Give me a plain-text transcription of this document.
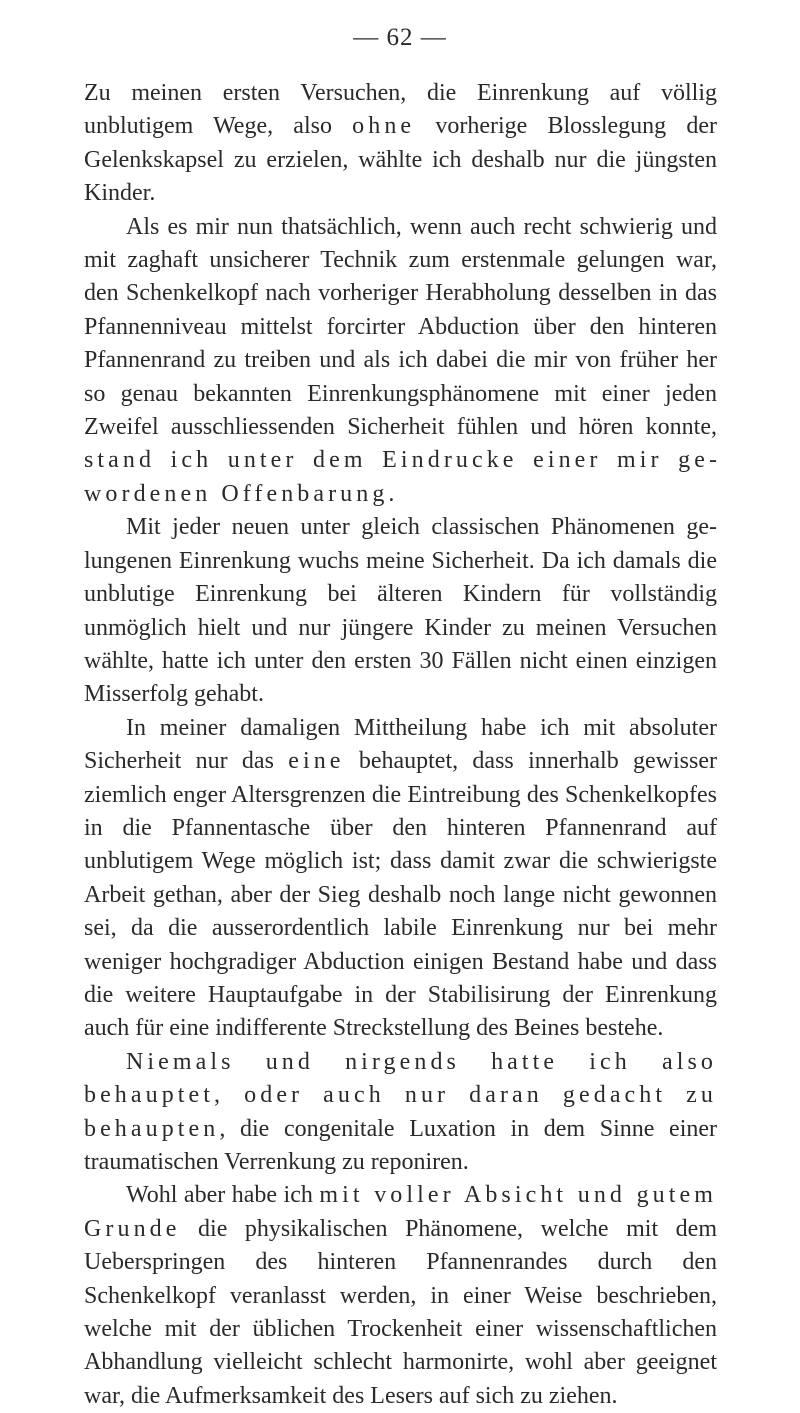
— 62 —

Zu meinen ersten Versuchen, die Einrenkung auf völlig unblutigem Wege, also ohne vorherige Blosslegung der Gelenkskapsel zu erzielen, wählte ich deshalb nur die jüngsten Kinder.

Als es mir nun thatsächlich, wenn auch recht schwierig und mit zaghaft unsicherer Technik zum erstenmale gelungen war, den Schenkelkopf nach vorheriger Herabholung desselben in das Pfannenniveau mittelst forcirter Abduction über den hinteren Pfannenrand zu treiben und als ich dabei die mir von früher her so genau bekannten Einrenkungsphänomene mit einer jeden Zweifel ausschliessenden Sicherheit fühlen und hören konnte, stand ich unter dem Eindrucke einer mir gewordenen Offenbarung.

Mit jeder neuen unter gleich classischen Phänomenen gelungenen Einrenkung wuchs meine Sicherheit. Da ich damals die unblutige Einrenkung bei älteren Kindern für vollständig unmöglich hielt und nur jüngere Kinder zu meinen Versuchen wählte, hatte ich unter den ersten 30 Fällen nicht einen einzigen Misserfolg gehabt.

In meiner damaligen Mittheilung habe ich mit absoluter Sicherheit nur das eine behauptet, dass innerhalb gewisser ziemlich enger Altersgrenzen die Eintreibung des Schenkelkopfes in die Pfannentasche über den hinteren Pfannenrand auf unblutigem Wege möglich ist; dass damit zwar die schwierigste Arbeit gethan, aber der Sieg deshalb noch lange nicht gewonnen sei, da die ausserordentlich labile Einrenkung nur bei mehr weniger hochgradiger Abduction einigen Bestand habe und dass die weitere Hauptaufgabe in der Stabilisirung der Einrenkung auch für eine indifferente Streckstellung des Beines bestehe.

Niemals und nirgends hatte ich also behauptet, oder auch nur daran gedacht zu behaupten, die congenitale Luxation in dem Sinne einer traumatischen Verrenkung zu reponiren.

Wohl aber habe ich mit voller Absicht und gutem Grunde die physikalischen Phänomene, welche mit dem Ueberspringen des hinteren Pfannenrandes durch den Schenkelkopf veranlasst werden, in einer Weise beschrieben, welche mit der üblichen Trockenheit einer wissenschaftlichen Abhandlung vielleicht schlecht harmonirte, wohl aber geeignet war, die Aufmerksamkeit des Lesers auf sich zu ziehen.
